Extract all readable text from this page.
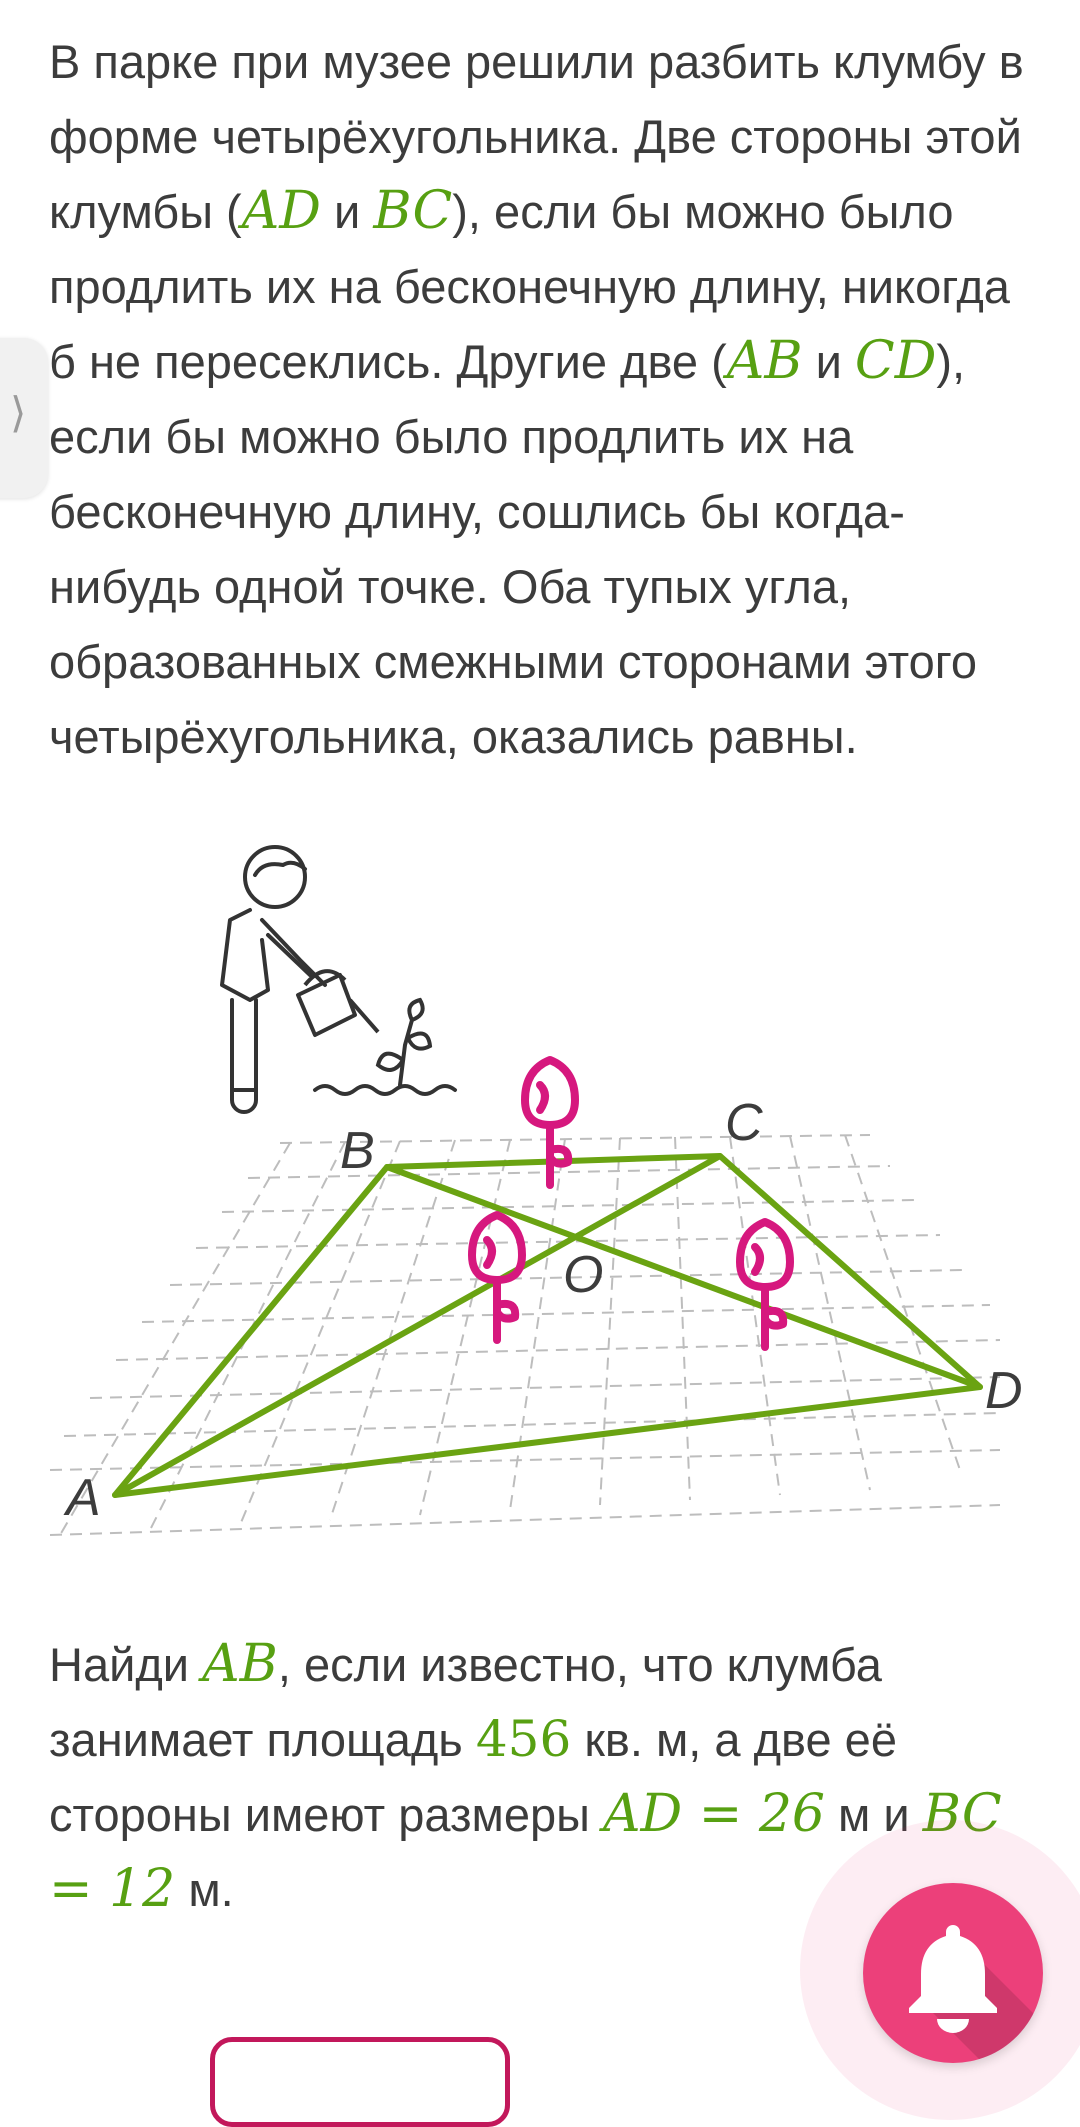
⟩

В парке при музее решили разбить клумбу в форме четырёхугольника. Две стороны этой клумбы (AD и BC), если бы можно было продлить их на бесконечную длину, никогда б не пересеклись. Другие две (AB и CD), если бы можно было продлить их на бесконечную длину, сошлись бы когда-нибудь одной точке. Оба тупых угла, образованных смежными сторонами этого четырёхугольника, оказались равны.

A
B	C
D
O

Найди AB, если известно, что клумба занимает площадь 456 кв. м, а две её стороны имеют размеры AD = 26 м и BC = 12 м.
